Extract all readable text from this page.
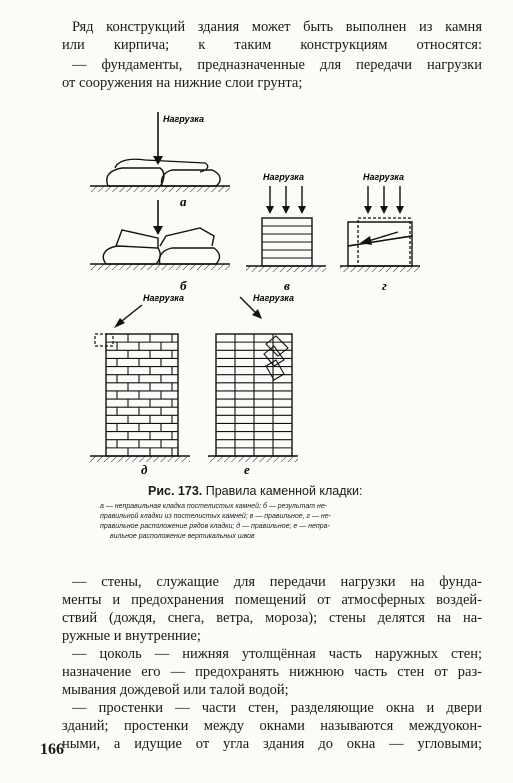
Ряд конструкций здания может быть выполнен из камня
или кирпича; к таким конструкциям относятся:
— фундаменты, предназначенные для передачи нагрузки
от сооружения на нижние слои грунта;
Нагрузка
а
б
Нагрузка
в
Нагрузка
г
Нагрузка
д
Нагрузка
е
Рис. 173. Правила каменной кладки:
а — неправильная кладка постелистых камней; б — результат не-
правильной кладки из постелистых камней; в — правильное, г — не-
правильное расположение рядов кладки; д — правильное; е — непра-
вильное расположение вертикальных швов
— стены, служащие для передачи нагрузки на фунда-
менты и предохранения помещений от атмосферных воздей-
ствий (дождя, снега, ветра, мороза); стены делятся на на-
ружные и внутренние;
— цоколь — нижняя утолщённая часть наружных стен;
назначение его — предохранять нижнюю часть стен от раз-
мывания дождевой или талой водой;
— простенки — части стен, разделяющие окна и двери
зданий; простенки между окнами называются междуокон-
ными, а идущие от угла здания до окна — угловыми;
166
